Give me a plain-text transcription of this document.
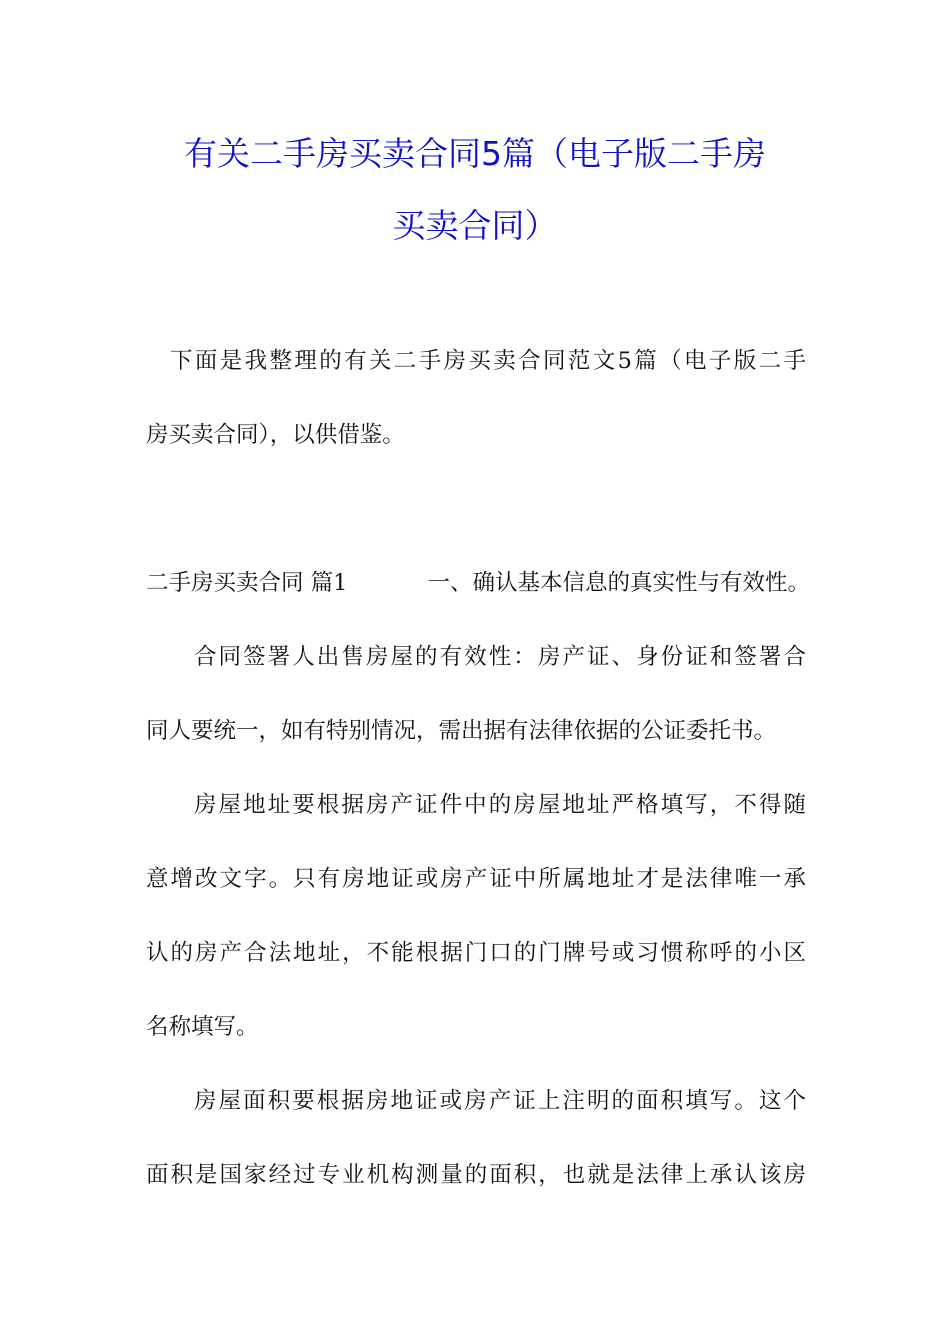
有关二手房买卖合同5篇（电子版二手房
买卖合同）
下面是我整理的有关二手房买卖合同范文5篇（电子版二手
房买卖合同），以供借鉴。
二手房买卖合同 篇1	一、确认基本信息的真实性与有效性。
合同签署人出售房屋的有效性：房产证、身份证和签署合
同人要统一，如有特别情况，需出据有法律依据的公证委托书。
房屋地址要根据房产证件中的房屋地址严格填写，不得随
意增改文字。只有房地证或房产证中所属地址才是法律唯一承
认的房产合法地址，不能根据门口的门牌号或习惯称呼的小区
名称填写。
房屋面积要根据房地证或房产证上注明的面积填写。这个
面积是国家经过专业机构测量的面积，也就是法律上承认该房
